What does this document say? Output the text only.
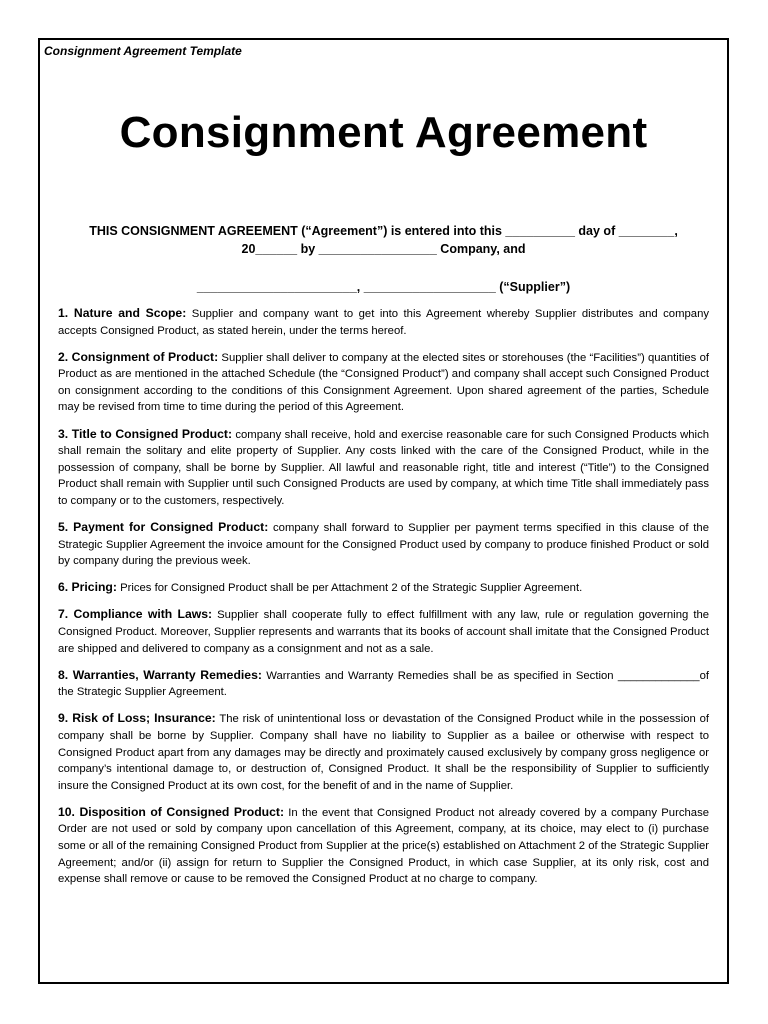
Consignment Agreement Template
Consignment Agreement
THIS CONSIGNMENT AGREEMENT (“Agreement”) is entered into this __________ day of ________,
20______ by _________________ Company, and
_______________________, ___________________ (“Supplier”)

1. Nature and Scope: Supplier and company want to get into this Agreement whereby Supplier distributes and company accepts Consigned Product, as stated herein, under the terms hereof.

2. Consignment of Product: Supplier shall deliver to company at the elected sites or storehouses (the “Facilities”) quantities of Product as are mentioned in the attached Schedule (the “Consigned Product”) and company shall accept such Consigned Product on consignment according to the conditions of this Consignment Agreement. Upon shared agreement of the parties, Schedule may be revised from time to time during the period of this Agreement.

3. Title to Consigned Product: company shall receive, hold and exercise reasonable care for such Consigned Products which shall remain the solitary and elite property of Supplier. Any costs linked with the care of the Consigned Product, while in the possession of company, shall be borne by Supplier. All lawful and reasonable right, title and interest (“Title”) to the Consigned Product shall remain with Supplier until such Consigned Products are used by company, at which time Title shall immediately pass to company or to the customers, respectively.

5. Payment for Consigned Product: company shall forward to Supplier per payment terms specified in this clause of the Strategic Supplier Agreement the invoice amount for the Consigned Product used by company to produce finished Product or sold by company during the previous week.

6. Pricing: Prices for Consigned Product shall be per Attachment 2 of the Strategic Supplier Agreement.

7. Compliance with Laws: Supplier shall cooperate fully to effect fulfillment with any law, rule or regulation governing the Consigned Product. Moreover, Supplier represents and warrants that its books of account shall imitate that the Consigned Product are shipped and delivered to company as a consignment and not as a sale.

8. Warranties, Warranty Remedies: Warranties and Warranty Remedies shall be as specified in Section _____________of the Strategic Supplier Agreement.

9. Risk of Loss; Insurance: The risk of unintentional loss or devastation of the Consigned Product while in the possession of company shall be borne by Supplier. Company shall have no liability to Supplier as a bailee or otherwise with respect to Consigned Product apart from any damages may be directly and proximately caused exclusively by company gross negligence or company’s intentional damage to, or destruction of, Consigned Product. It shall be the responsibility of Supplier to sufficiently insure the Consigned Product at its own cost, for the benefit of and in the name of Supplier.

10. Disposition of Consigned Product: In the event that Consigned Product not already covered by a company Purchase Order are not used or sold by company upon cancellation of this Agreement, company, at its choice, may elect to (i) purchase some or all of the remaining Consigned Product from Supplier at the price(s) established on Attachment 2 of the Strategic Supplier Agreement; and/or (ii) assign for return to Supplier the Consigned Product, in which case Supplier, at its only risk, cost and expense shall remove or cause to be removed the Consigned Product at no charge to company.
